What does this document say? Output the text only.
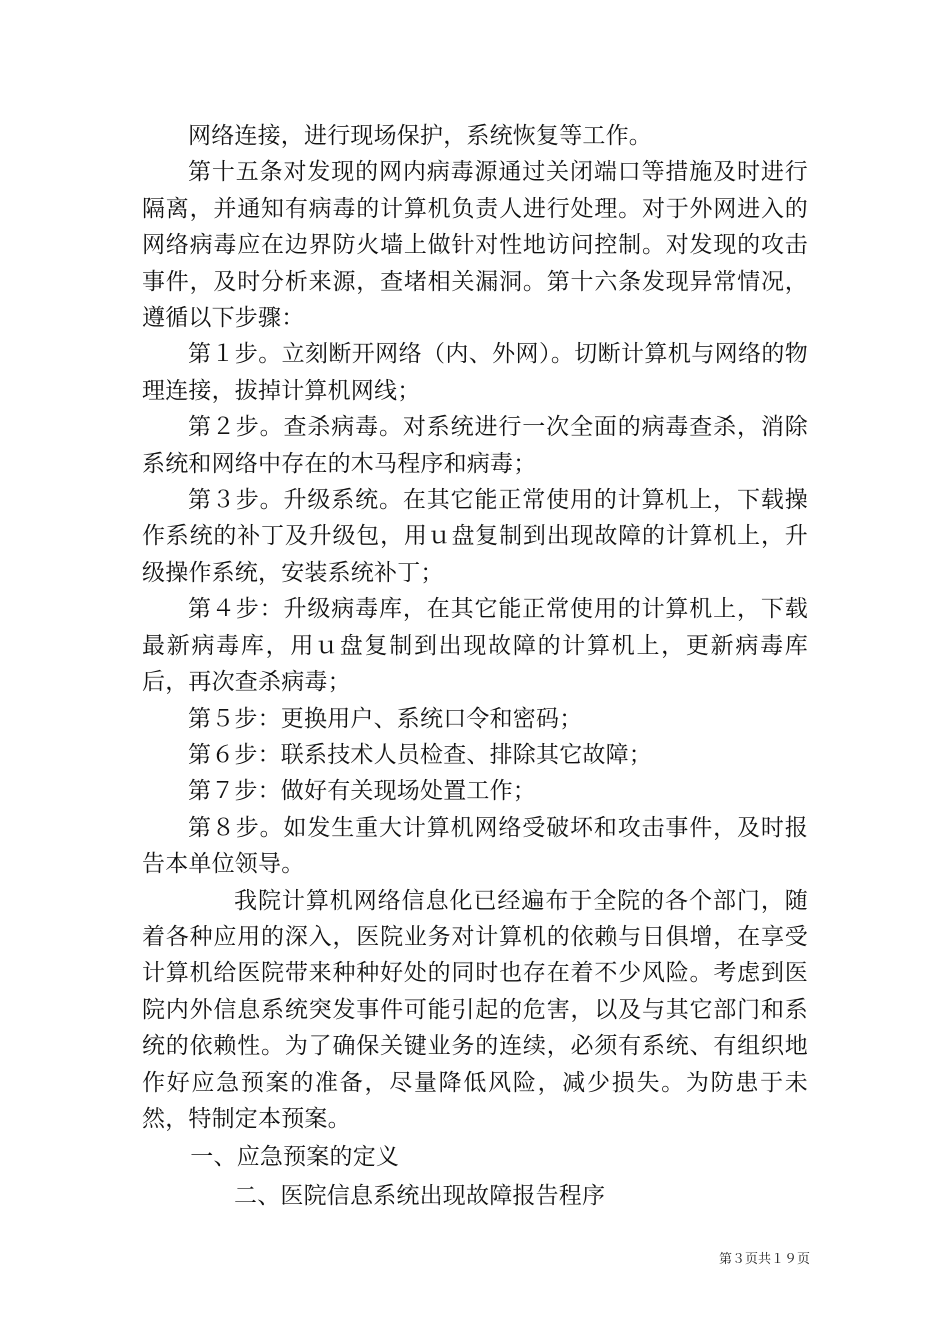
网络连接，进行现场保护，系统恢复等工作。

第十五条对发现的网内病毒源通过关闭端口等措施及时进行隔离，并通知有病毒的计算机负责人进行处理。对于外网进入的网络病毒应在边界防火墙上做针对性地访问控制。对发现的攻击事件，及时分析来源，查堵相关漏洞。第十六条发现异常情况，遵循以下步骤：

第１步。立刻断开网络（内、外网）。切断计算机与网络的物理连接，拔掉计算机网线；

第２步。查杀病毒。对系统进行一次全面的病毒查杀，消除系统和网络中存在的木马程序和病毒；

第３步。升级系统。在其它能正常使用的计算机上，下载操作系统的补丁及升级包，用ｕ盘复制到出现故障的计算机上，升级操作系统，安装系统补丁；

第４步：升级病毒库，在其它能正常使用的计算机上，下载最新病毒库，用ｕ盘复制到出现故障的计算机上，更新病毒库后，再次查杀病毒；

第５步：更换用户、系统口令和密码；

第６步：联系技术人员检查、排除其它故障；

第７步：做好有关现场处置工作；

第８步。如发生重大计算机网络受破坏和攻击事件，及时报告本单位领导。

我院计算机网络信息化已经遍布于全院的各个部门，随着各种应用的深入，医院业务对计算机的依赖与日俱增，在享受计算机给医院带来种种好处的同时也存在着不少风险。考虑到医院内外信息系统突发事件可能引起的危害，以及与其它部门和系统的依赖性。为了确保关键业务的连续，必须有系统、有组织地作好应急预案的准备，尽量降低风险，减少损失。为防患于未然，特制定本预案。

一、应急预案的定义

二、医院信息系统出现故障报告程序

第３页共１９页
